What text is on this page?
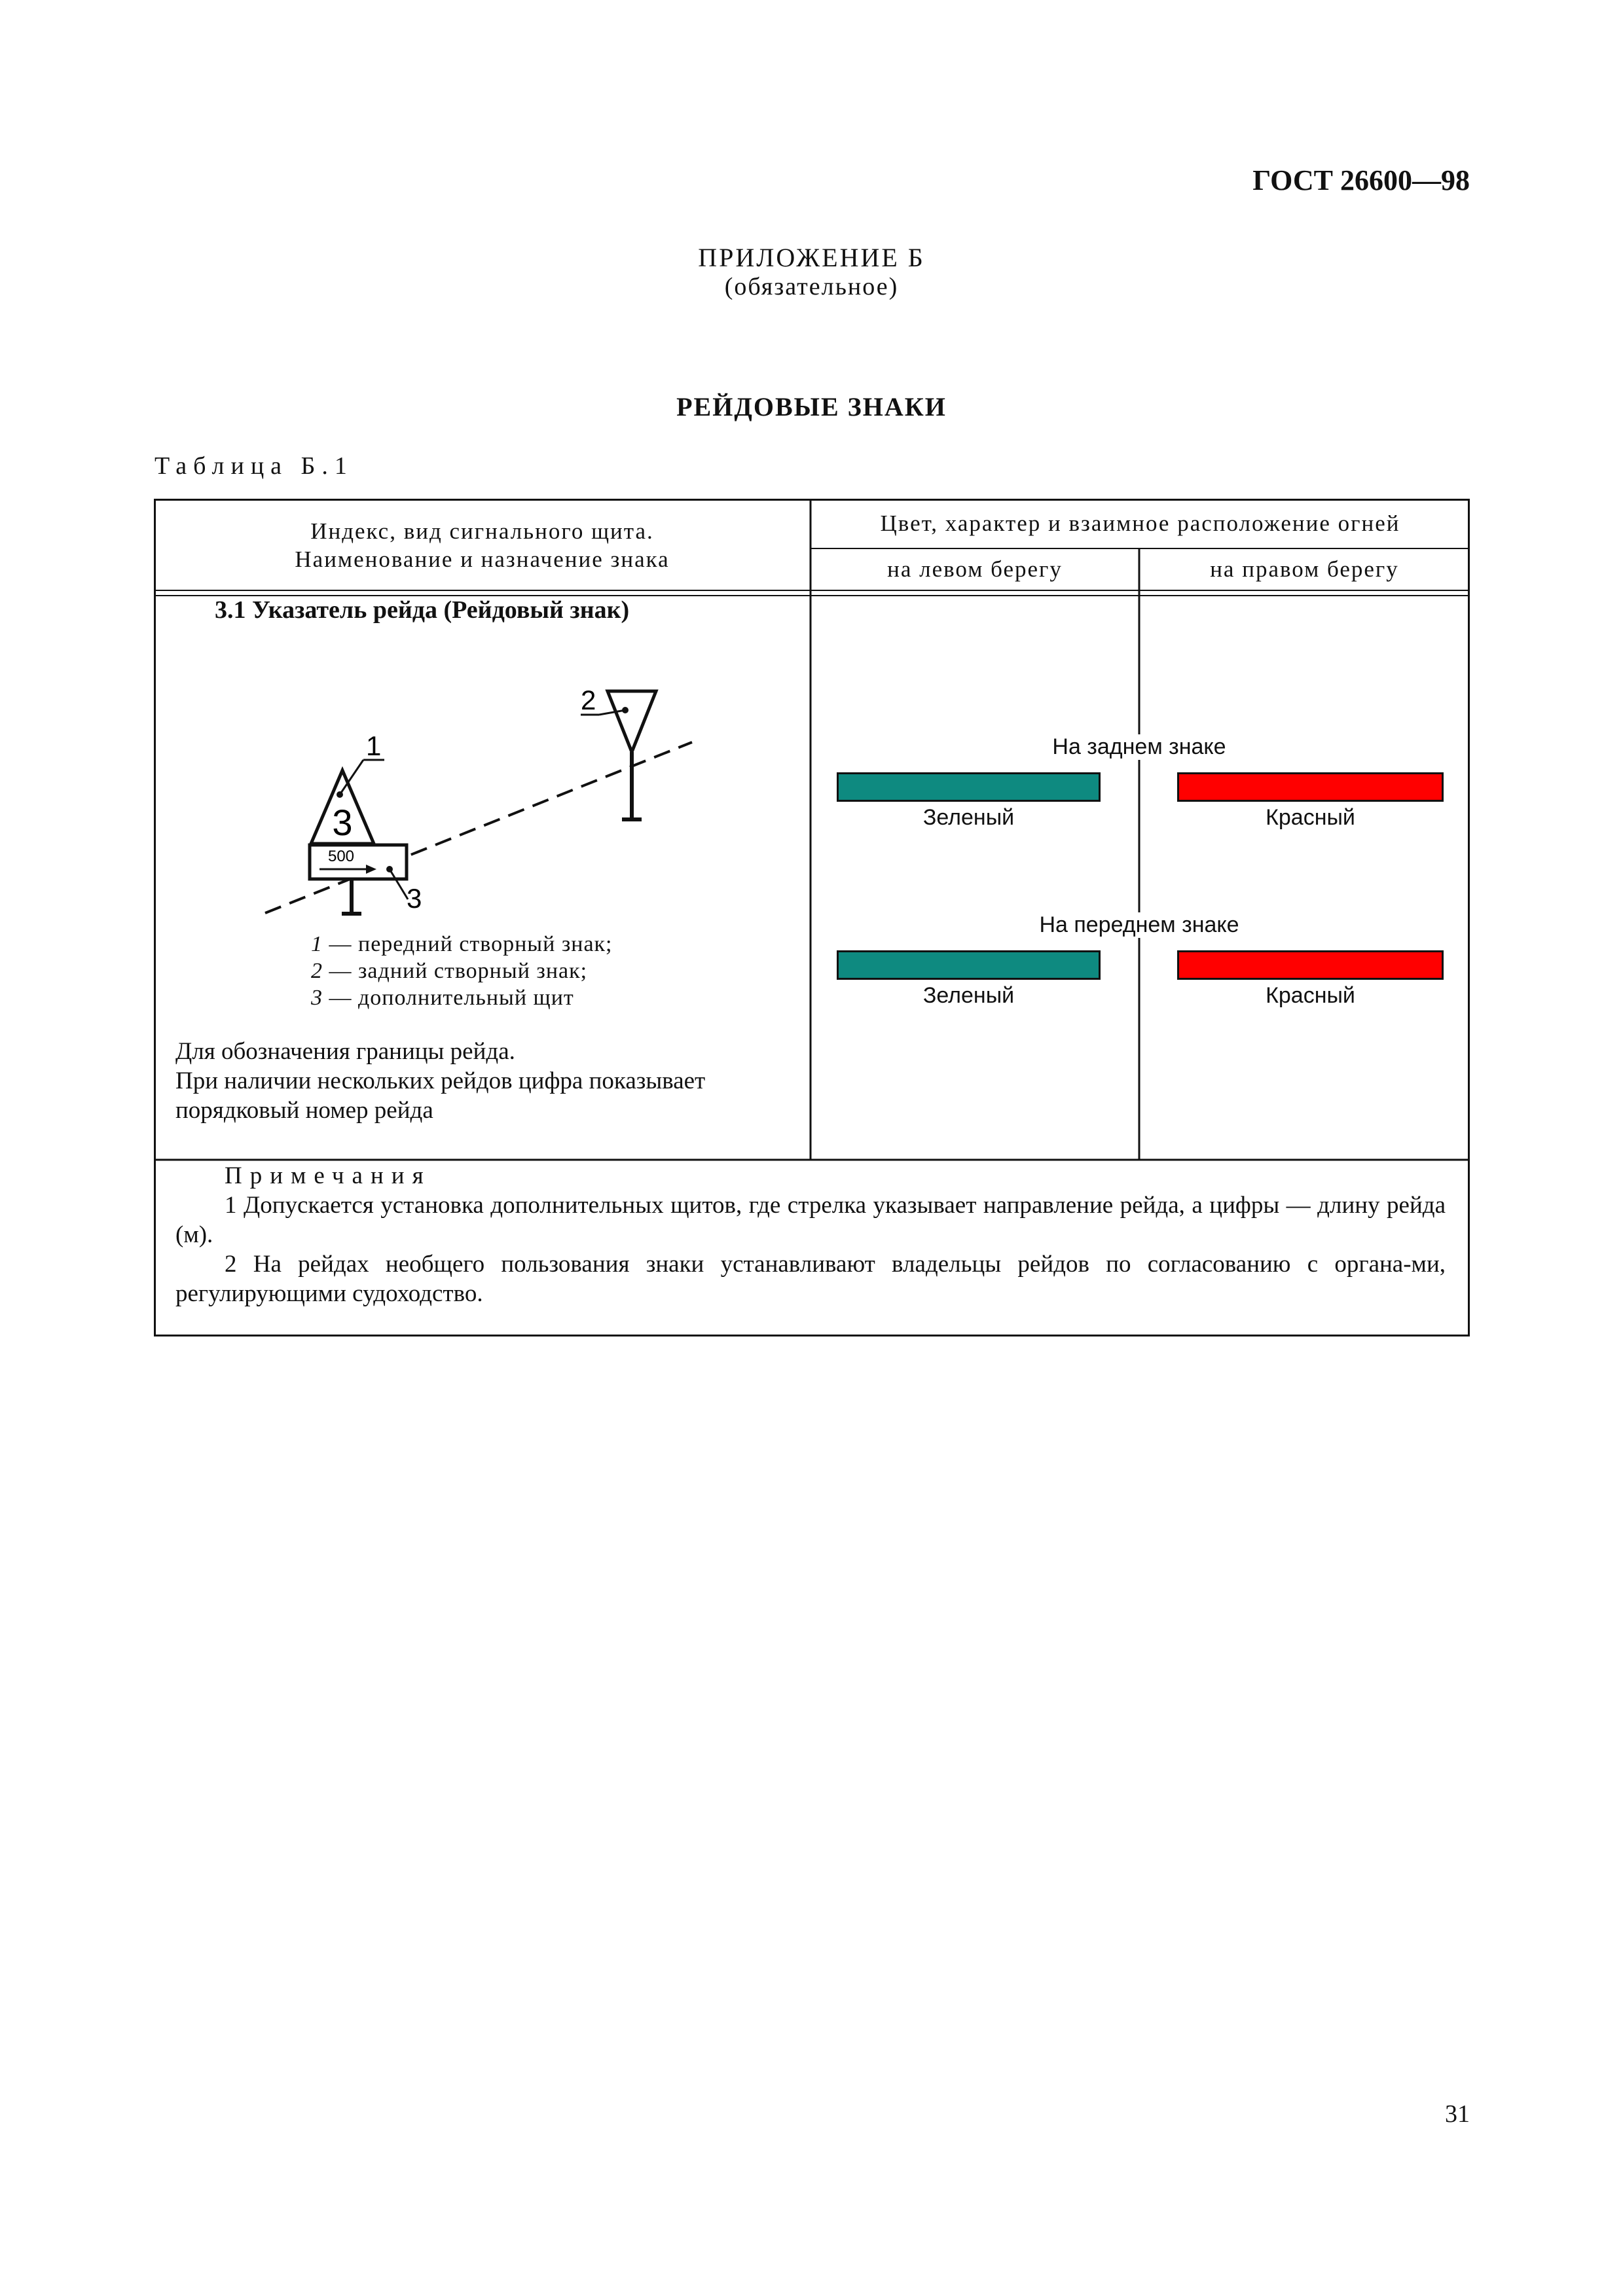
ГОСТ 26600—98
ПРИЛОЖЕНИЕ Б
(обязательное)
РЕЙДОВЫЕ ЗНАКИ
Таблица Б.1
Индекс, вид сигнального щита.
Наименование и назначение знака
Цвет, характер и взаимное расположение огней
на левом берегу	на правом берегу
3.1 Указатель рейда (Рейдовый знак)
3
500
1
2
3
1 — передний створный знак;
2 — задний створный знак;
3 — дополнительный щит
Для обозначения границы рейда.
При наличии нескольких рейдов цифра показывает
порядковый номер рейда
На заднем знаке
Зеленый	Красный
На переднем знаке
Зеленый	Красный
Примечания
1 Допускается установка дополнительных щитов, где стрелка указывает направление рейда, а цифры — длину рейда (м).
2 На рейдах необщего пользования знаки устанавливают владельцы рейдов по согласованию с органа-ми, регулирующими судоходство.
31
